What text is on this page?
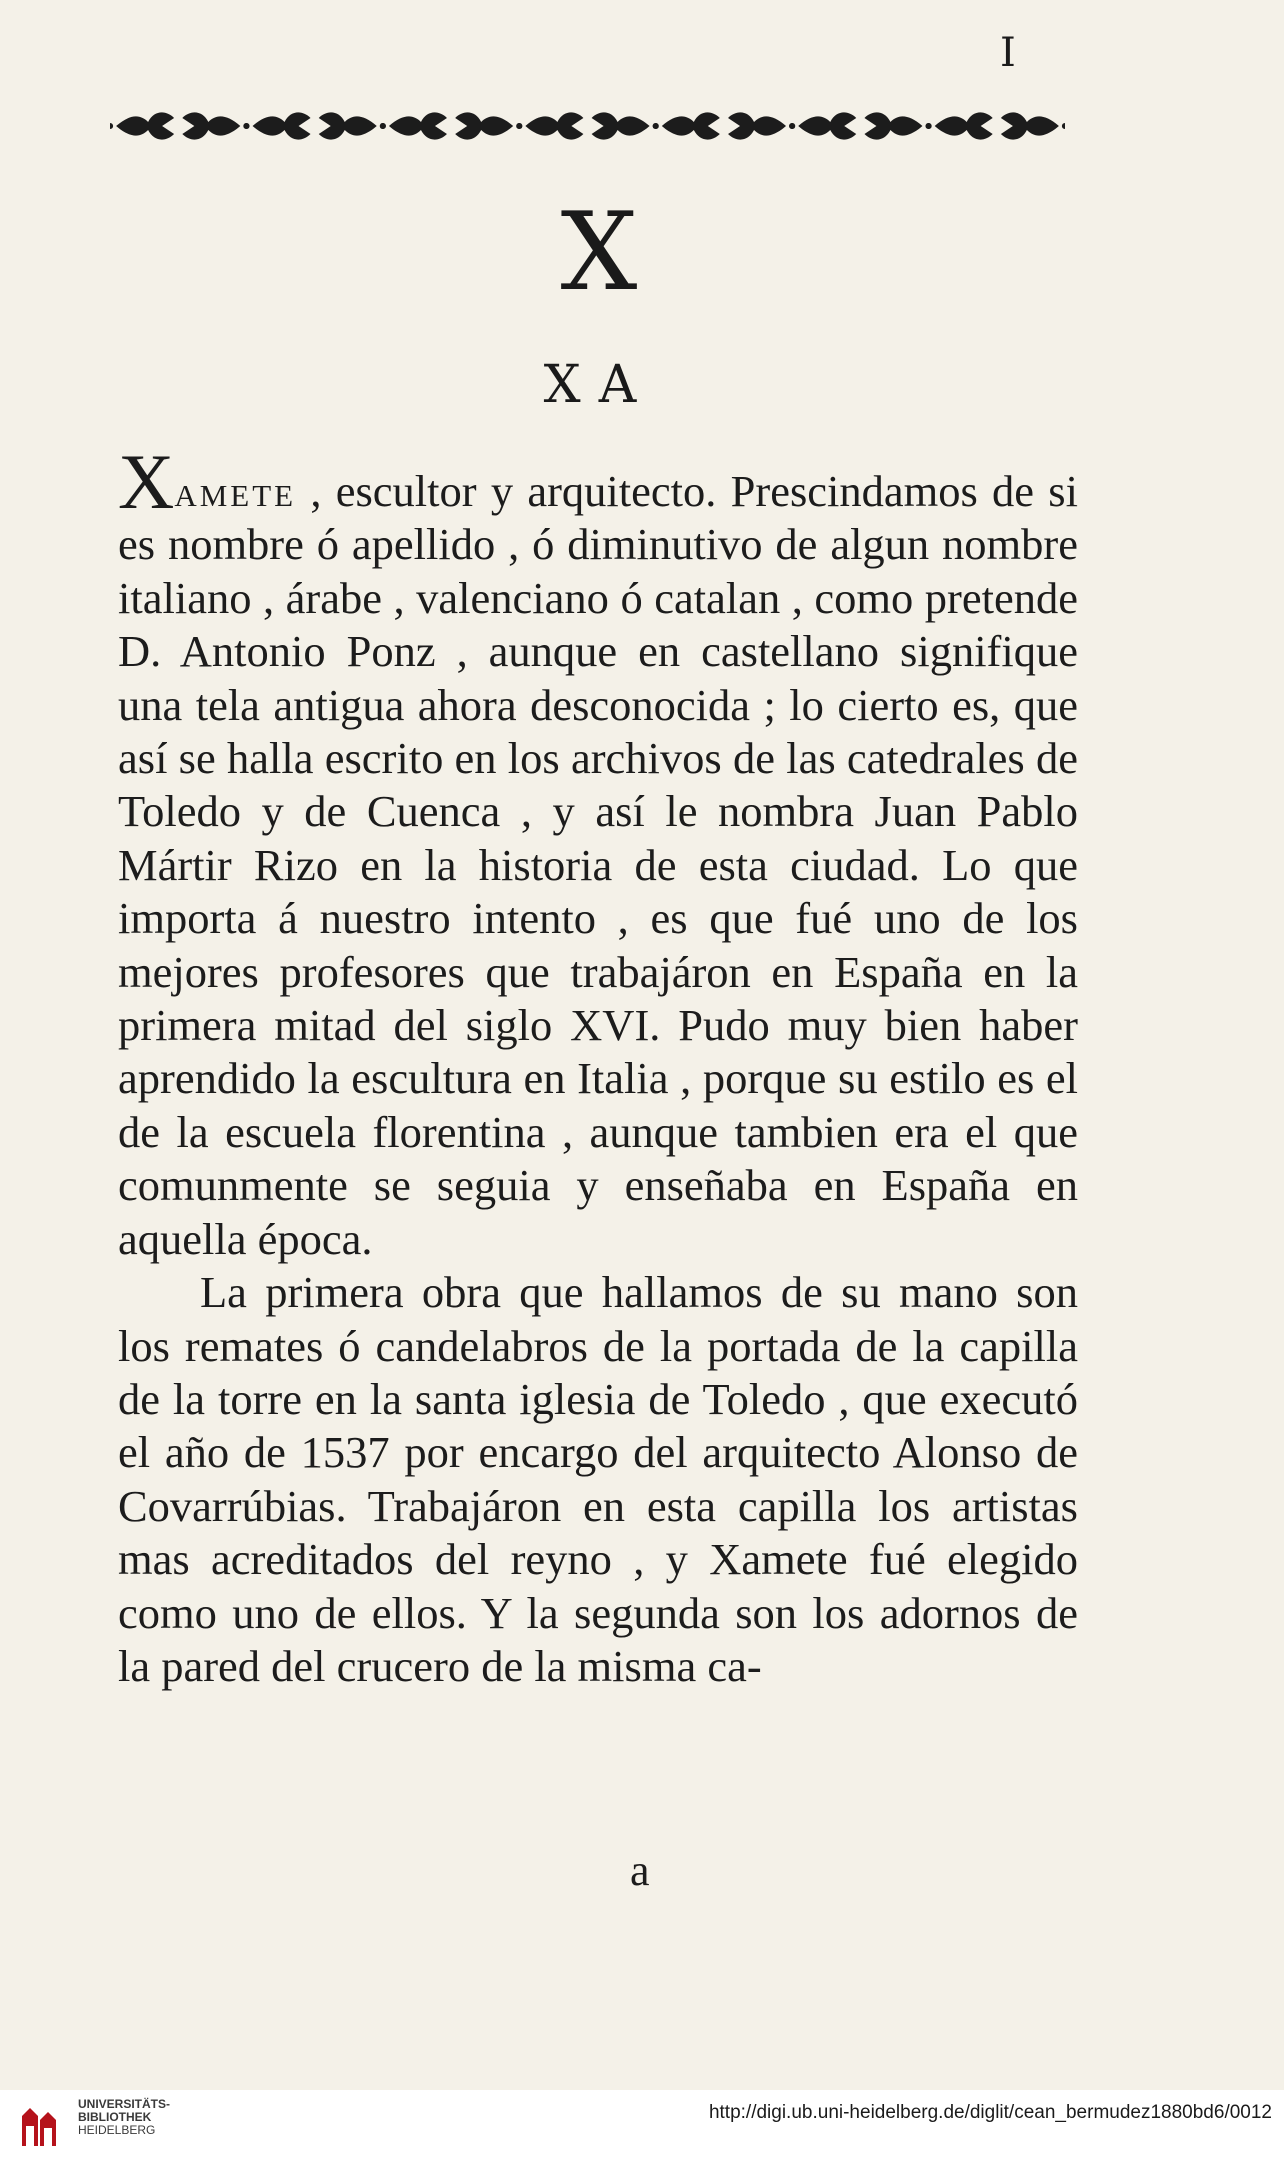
I
X
XA

Xamete , escultor y arquitecto. Prescindamos de si es nombre ó apellido , ó diminutivo de algun nombre italiano , árabe , valenciano ó catalan , como pretende D. Antonio Ponz , aunque en castellano signifique una tela antigua ahora desconocida ; lo cierto es, que así se halla escrito en los archivos de las catedrales de Toledo y de Cuenca , y así le nombra Juan Pablo Mártir Rizo en la historia de esta ciudad. Lo que importa á nuestro intento , es que fué uno de los mejores profesores que trabajáron en España en la primera mitad del siglo XVI. Pudo muy bien haber aprendido la escultura en Italia , porque su estilo es el de la escuela florentina , aunque tambien era el que comunmente se seguia y enseñaba en España en aquella época.

La primera obra que hallamos de su mano son los remates ó candelabros de la portada de la capilla de la torre en la santa iglesia de Toledo , que executó el año de 1537 por encargo del arquitecto Alonso de Covarrúbias. Trabajáron en esta capilla los artistas mas acreditados del reyno , y Xamete fué elegido como uno de ellos. Y la segunda son los adornos de la pared del crucero de la misma ca-

a
UNIVERSITÄTS-
BIBLIOTHEK
HEIDELBERG
http://digi.ub.uni-heidelberg.de/diglit/cean_bermudez1880bd6/0012
